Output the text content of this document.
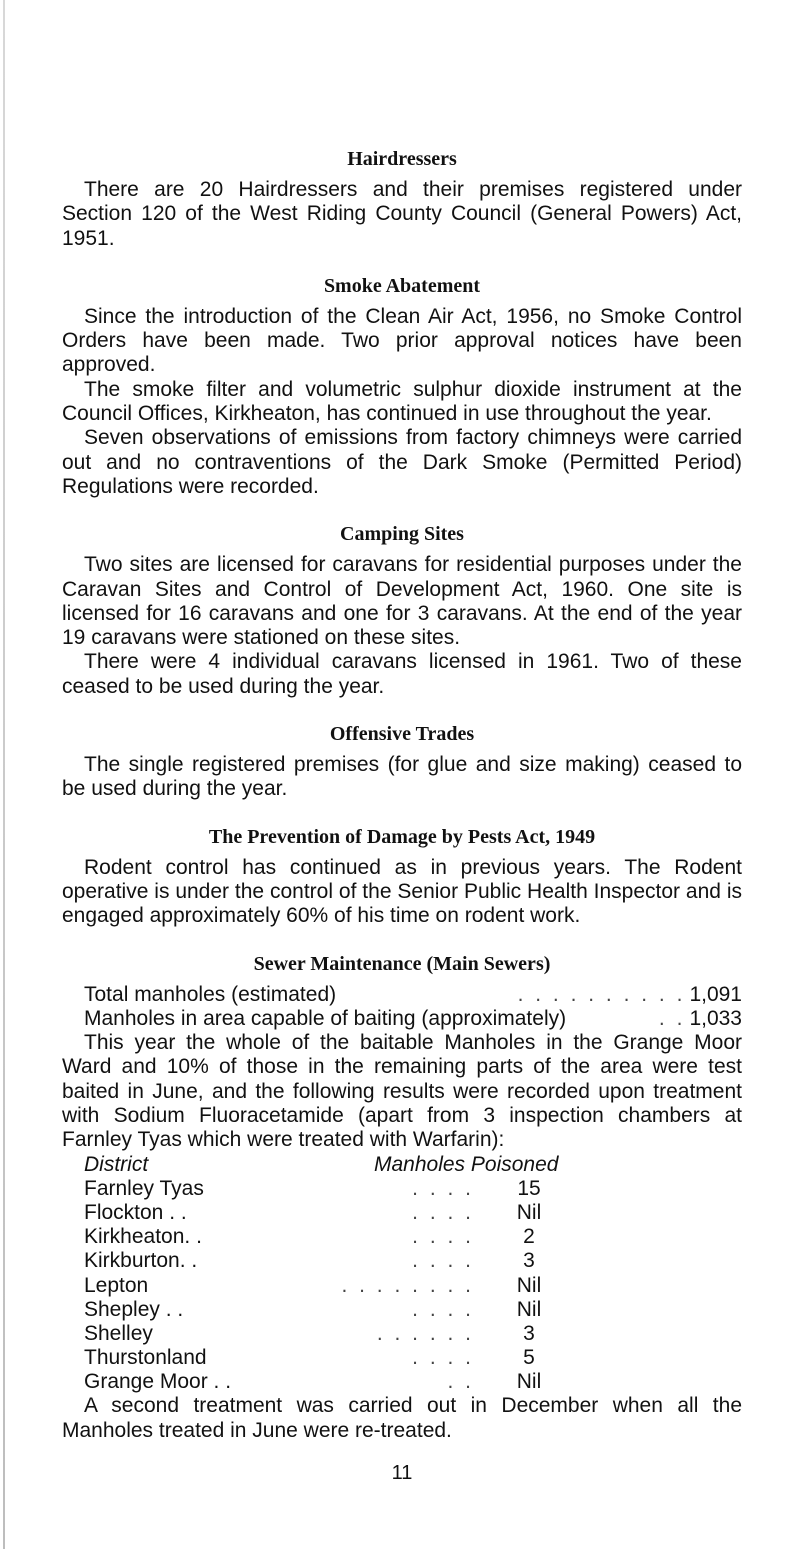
Hairdressers

There are 20 Hairdressers and their premises registered under Section 120 of the West Riding County Council (General Powers) Act, 1951.

Smoke Abatement

Since the introduction of the Clean Air Act, 1956, no Smoke Control Orders have been made. Two prior approval notices have been approved.

The smoke filter and volumetric sulphur dioxide instrument at the Council Offices, Kirkheaton, has continued in use throughout the year.

Seven observations of emissions from factory chimneys were carried out and no contraventions of the Dark Smoke (Permitted Period) Regulations were recorded.

Camping Sites

Two sites are licensed for caravans for residential purposes under the Caravan Sites and Control of Development Act, 1960. One site is licensed for 16 caravans and one for 3 caravans. At the end of the year 19 caravans were stationed on these sites.

There were 4 individual caravans licensed in 1961. Two of these ceased to be used during the year.

Offensive Trades

The single registered premises (for glue and size making) ceased to be used during the year.

The Prevention of Damage by Pests Act, 1949

Rodent control has continued as in previous years. The Rodent operative is under the control of the Senior Public Health Inspector and is engaged approximately 60% of his time on rodent work.

Sewer Maintenance (Main Sewers)
Total manholes (estimated)	. . . . . . . . . . 1,091
Manholes in area capable of baiting (approximately)	. . 1,033

This year the whole of the baitable Manholes in the Grange Moor Ward and 10% of those in the remaining parts of the area were test baited in June, and the following results were recorded upon treatment with Sodium Fluoracetamide (apart from 3 inspection chambers at Farnley Tyas which were treated with Warfarin):

District	Manholes Poisoned
Farnley Tyas	. . . .	15
Flockton . .	. . . .	Nil
Kirkheaton. .	. . . .	2
Kirkburton. .	. . . .	3
Lepton	. . . . . . . .	Nil
Shepley . .	. . . .	Nil
Shelley	. . . . . .	3
Thurstonland	. . . .	5
Grange Moor . .	. .	Nil

A second treatment was carried out in December when all the Manholes treated in June were re-treated.

11
